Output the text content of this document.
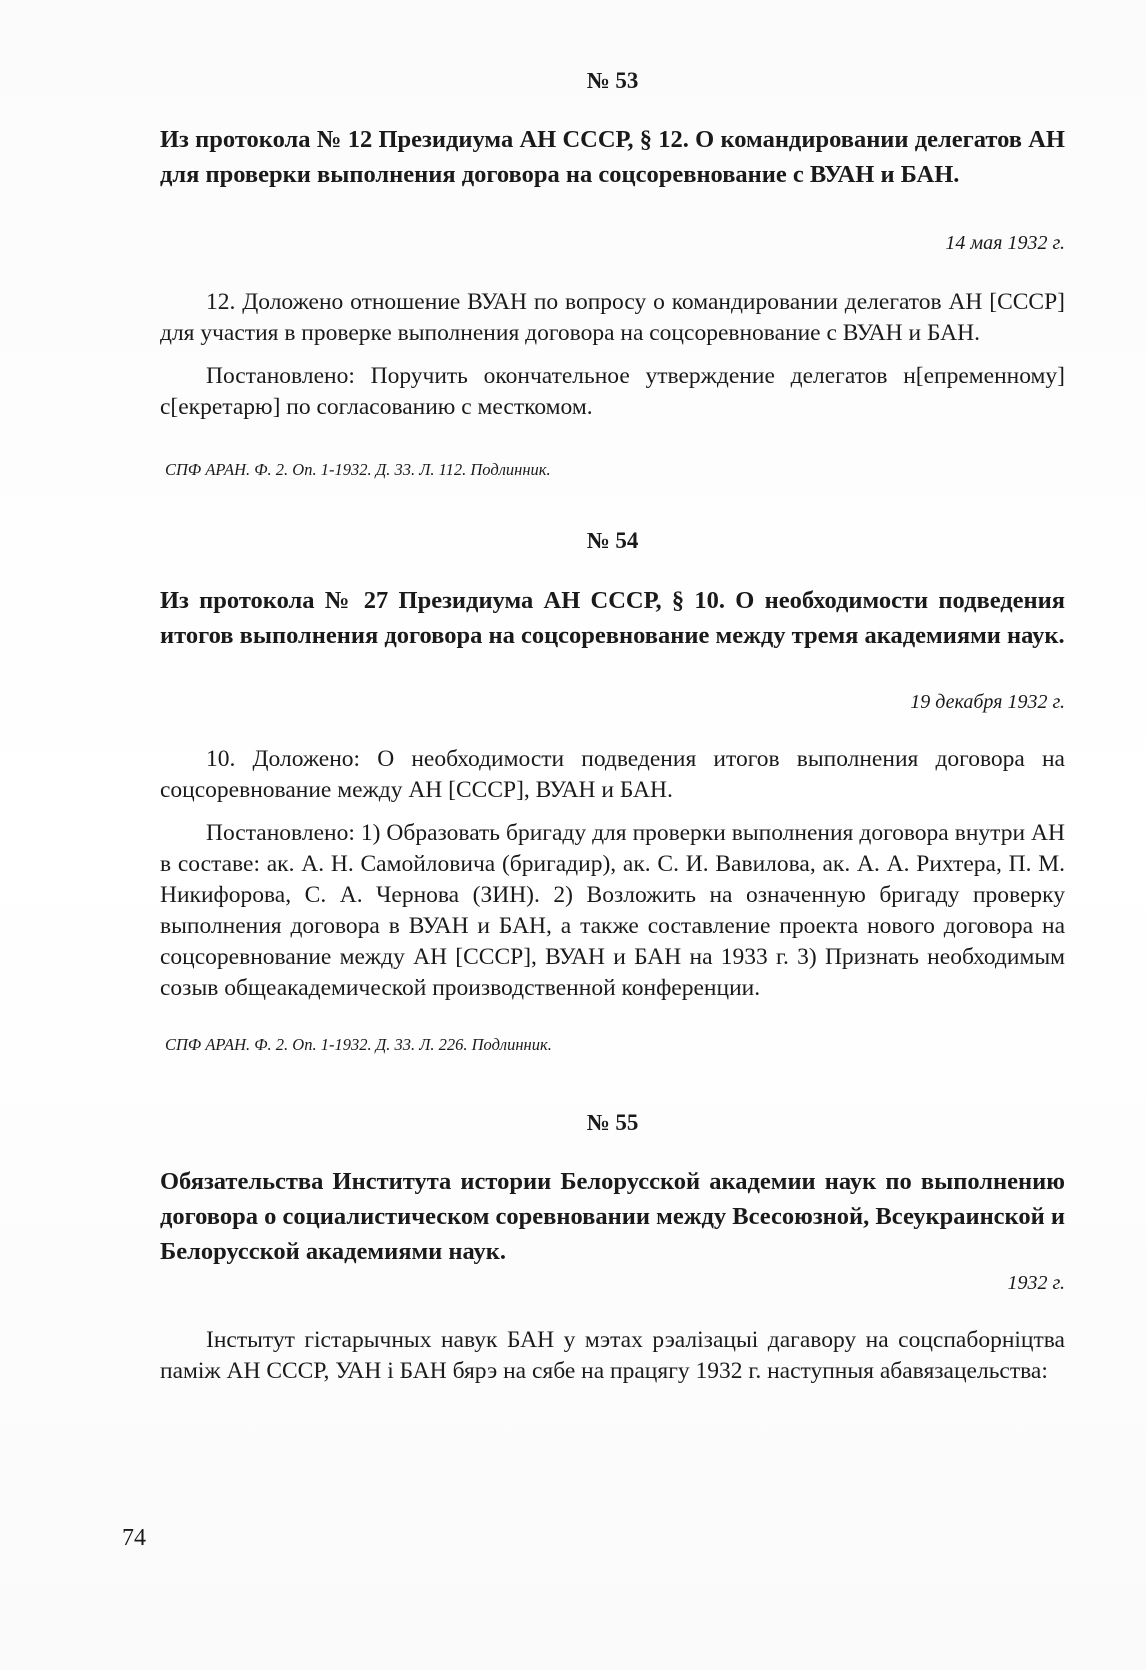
№ 53
Из протокола № 12 Президиума АН СССР, § 12. О командировании делегатов АН для проверки выполнения договора на соцсоревнование с ВУАН и БАН.
14 мая 1932 г.

12. Доложено отношение ВУАН по вопросу о командировании делегатов АН [СССР] для участия в проверке выполнения договора на соцсоревнование с ВУАН и БАН.

Постановлено: Поручить окончательное утверждение делегатов н[епременному] с[екретарю] по согласованию с месткомом.

СПФ АРАН. Ф. 2. Оп. 1-1932. Д. 33. Л. 112. Подлинник.
№ 54
Из протокола № 27 Президиума АН СССР, § 10. О необходимости подведения итогов выполнения договора на соцсоревнование между тремя академиями наук.
19 декабря 1932 г.

10. Доложено: О необходимости подведения итогов выполнения договора на соцсоревнование между АН [СССР], ВУАН и БАН.

Постановлено: 1) Образовать бригаду для проверки выполнения договора внутри АН в составе: ак. А. Н. Самойловича (бригадир), ак. С. И. Вавилова, ак. А. А. Рихтера, П. М. Никифорова, С. А. Чернова (ЗИН). 2) Возложить на означенную бригаду проверку выполнения договора в ВУАН и БАН, а также составление проекта нового договора на соцсоревнование между АН [СССР], ВУАН и БАН на 1933 г. 3) Признать необходимым созыв общеакадемической производственной конференции.

СПФ АРАН. Ф. 2. Оп. 1-1932. Д. 33. Л. 226. Подлинник.
№ 55
Обязательства Института истории Белорусской академии наук по выполнению договора о социалистическом соревновании между Всесоюзной, Всеукраинской и Белорусской академиями наук.
1932 г.

Інстытут гістарычных навук БАН у мэтах рэалізацыі дагавору на соцспаборніцтва паміж АН СССР, УАН і БАН бярэ на сябе на працягу 1932 г. наступныя абавязацельства:

74
